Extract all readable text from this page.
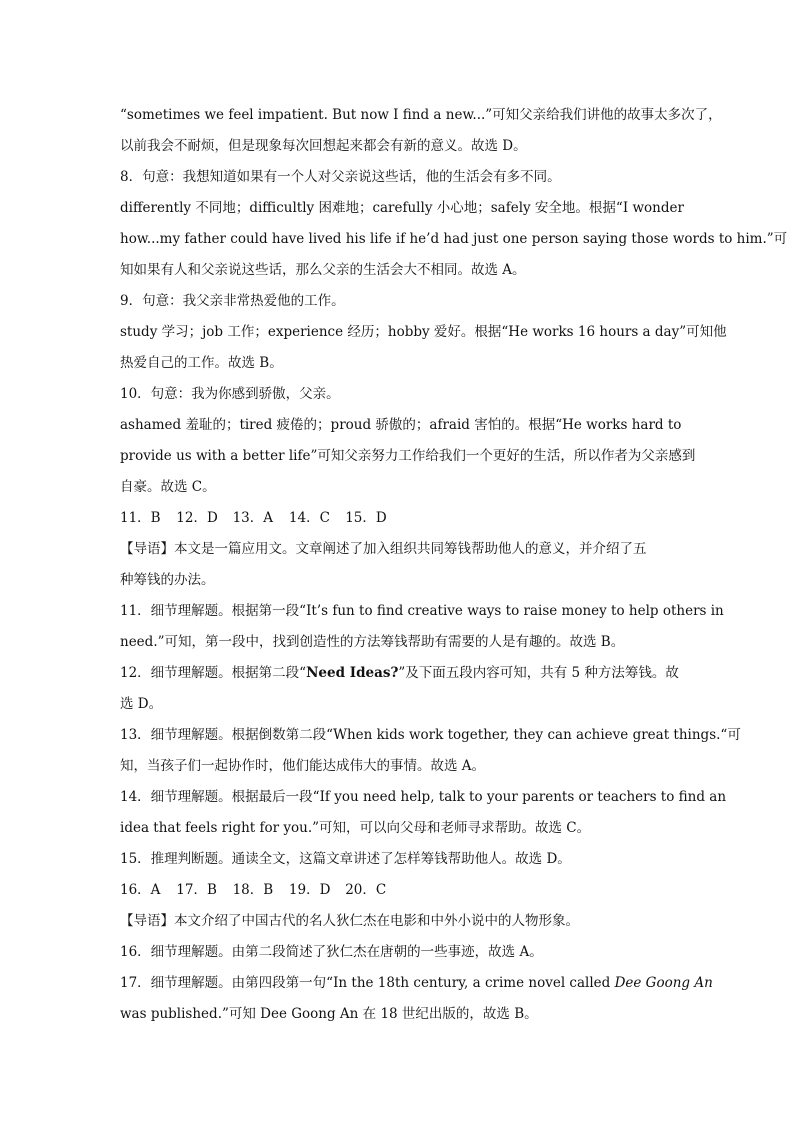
“sometimes we feel impatient. But now I find a new...”可知父亲给我们讲他的故事太多次了，
以前我会不耐烦，但是现象每次回想起来都会有新的意义。故选 D。
8．句意：我想知道如果有一个人对父亲说这些话，他的生活会有多不同。
differently 不同地；difficultly 困难地；carefully 小心地；safely 安全地。根据“I wonder
how...my father could have lived his life if he’d had just one person saying those words to him.”可
知如果有人和父亲说这些话，那么父亲的生活会大不相同。故选 A。
9．句意：我父亲非常热爱他的工作。
study 学习；job 工作；experience 经历；hobby 爱好。根据“He works 16 hours a day”可知他
热爱自己的工作。故选 B。
10．句意：我为你感到骄傲，父亲。
ashamed 羞耻的；tired 疲倦的；proud 骄傲的；afraid 害怕的。根据“He works hard to
provide us with a better life”可知父亲努力工作给我们一个更好的生活，所以作者为父亲感到
自豪。故选 C。
11．B 12．D 13．A 14．C 15．D
【导语】本文是一篇应用文。文章阐述了加入组织共同筹钱帮助他人的意义，并介绍了五
种筹钱的办法。
11．细节理解题。根据第一段“It’s fun to find creative ways to raise money to help others in
need.”可知，第一段中，找到创造性的方法筹钱帮助有需要的人是有趣的。故选 B。
12．细节理解题。根据第二段“Need Ideas?”及下面五段内容可知，共有 5 种方法筹钱。故
选 D。
13．细节理解题。根据倒数第二段“When kids work together, they can achieve great things.“可
知，当孩子们一起协作时，他们能达成伟大的事情。故选 A。
14．细节理解题。根据最后一段“If you need help, talk to your parents or teachers to find an
idea that feels right for you.”可知，可以向父母和老师寻求帮助。故选 C。
15．推理判断题。通读全文，这篇文章讲述了怎样筹钱帮助他人。故选 D。
16．A 17．B 18．B 19．D 20．C
【导语】本文介绍了中国古代的名人狄仁杰在电影和中外小说中的人物形象。
16．细节理解题。由第二段简述了狄仁杰在唐朝的一些事迹，故选 A。
17．细节理解题。由第四段第一句“In the 18th century, a crime novel called Dee Goong An
was published.”可知 Dee Goong An 在 18 世纪出版的，故选 B。
